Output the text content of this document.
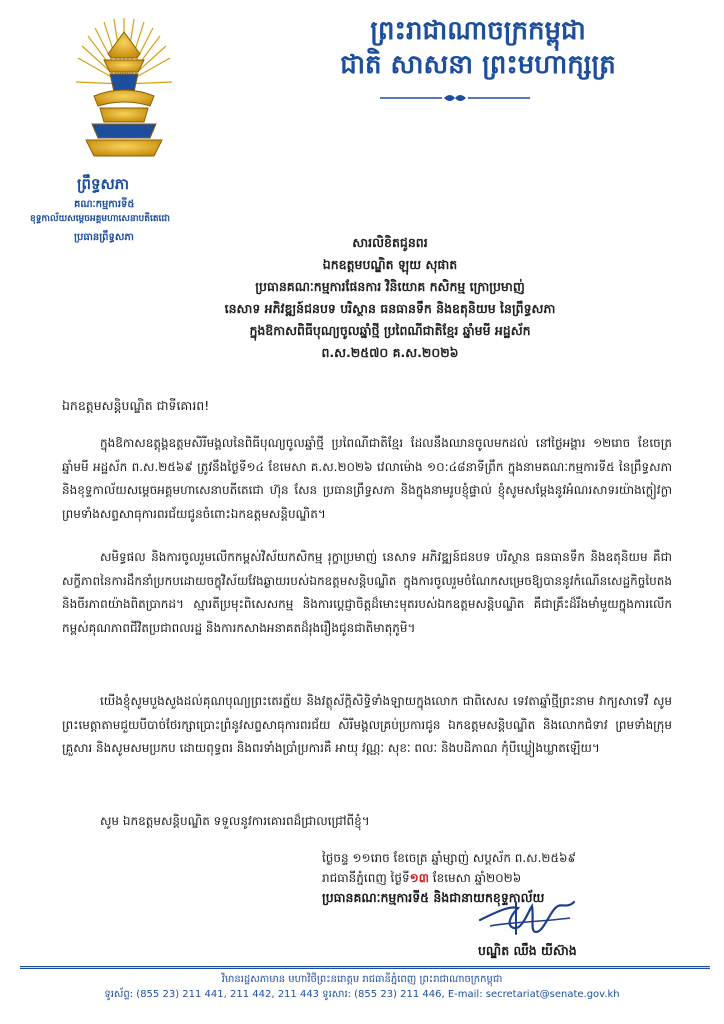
ព្រះរាជាណាចក្រកម្ពុជា
ជាតិ សាសនា ព្រះមហាក្សត្រ
ព្រឹទ្ធសភា
គណៈកម្មការទី៥
ខុទ្ទកាល័យសម្តេចអគ្គមហាសេនាបតីតេជោ
ប្រធានព្រឹទ្ធសភា	សារលិខិតជូនពរ
ឯកឧត្តមបណ្ឌិត ឡុយ សុផាត
ប្រធានគណៈកម្មការផែនការ វិនិយោគ កសិកម្ម ក្រោប្រមាញ់
នេសាទ អភិវឌ្ឍន៍ជនបទ បរិស្ថាន ធនធានទឹក និងឧតុនិយម នៃព្រឹទ្ធសភា
ក្នុងឱកាសពិធីបុណ្យចូលឆ្នាំថ្មី ប្រពៃណីជាតិខ្មែរ ឆ្នាំមមី អដ្ឋស័ក
ព.ស.២៥៧០ គ.ស.២០២៦
ឯកឧត្តមសន្តិបណ្ឌិត ជាទីគោរព!
ក្នុងឱកាសឧត្តុង្គឧត្តមសិរីមង្គលនៃពិធីបុណ្យចូលឆ្នាំថ្មី ប្រពៃណីជាតិខ្មែរ ដែលនឹងឈានចូលមកដល់ នៅថ្ងៃអង្គារ ១២រោច ខែចេត្រ ឆ្នាំមមី អដ្ឋស័ក ព.ស.២៥៦៩ ត្រូវនឹងថ្ងៃទី១៤ ខែមេសា គ.ស.២០២៦ វេលាម៉ោង ១០:៤៨នាទីព្រឹក ក្នុងនាមគណៈកម្មការទី៥ នៃព្រឹទ្ធសភា និងខុទ្ទកាល័យសម្តេចអគ្គមហាសេនាបតីតេជោ ហ៊ុន សែន ប្រធានព្រឹទ្ធសភា និងក្នុងនាមរូបខ្ញុំផ្ទាល់ ខ្ញុំសូមសម្តែងនូវអំណរសាទរយ៉ាងក្លៀវក្លា ព្រមទាំងសព្ទសាធុការពរជ័យជូនចំពោះឯកឧត្តមសន្តិបណ្ឌិត។
សមិទ្ធផល និងការចូលរួមលើកកម្ពស់វិស័យកសិកម្ម រុក្ខាប្រមាញ់ នេសាទ អភិវឌ្ឍន៍ជនបទ បរិស្ថាន ធនធានទឹក និងឧតុនិយម គឺជាសក្ខីភាពនៃការដឹកនាំប្រកបដោយចក្ខុវិស័យវែងឆ្ងាយរបស់ឯកឧត្តមសន្តិបណ្ឌិត ក្នុងការចូលរួមចំណែកសម្រេចឱ្យបាននូវកំណើនសេដ្ឋកិច្ចបៃតង និងចីរភាពយ៉ាងពិតប្រាកដ។ ស្មារតីប្រមុះពិសេសកម្ម និងការប្តេជ្ញាចិត្តដ៏មោះមុតរបស់ឯកឧត្តមសន្តិបណ្ឌិត គឺជាគ្រឹះដ៏រឹងមាំមួយក្នុងការលើកកម្ពស់គុណភាពជីវិតប្រជាពលរដ្ឋ និងការកសាងអនាគតដ៏រុងរឿងជូនជាតិមាតុភូមិ។
យើងខ្ញុំសូមបួងសួងដល់គុណបុណ្យព្រះតេរត្ន័យ និងវត្ថុស័ក្តិសិទ្ធិទាំងឡាយក្នុងលោក ជាពិសេស ទេវតាឆ្នាំថ្មីព្រះនាម វាក្យសាទេវី សូមព្រះមេត្តាតាមជួយបីបាច់ថែរក្សាប្រោះព្រំនូវសព្ទសាធុការពរជ័យ សិរីមង្គលគ្រប់ប្រការជូន ឯកឧត្តមសន្តិបណ្ឌិត និងលោកជំទាវ ព្រមទាំងក្រុមគ្រួសារ និងសូមសមប្រកប ដោយពុទ្ធពរ និងពរទាំងប្រាំប្រការគឺ អាយុ វណ្ណៈ សុខៈ ពលៈ និងបដិភាណ កុំបីឃ្លៀងឃ្លាតឡើយ។
សូម ឯកឧត្តមសន្តិបណ្ឌិត ទទួលនូវការគោរពដ៏ជ្រាលជ្រៅពីខ្ញុំ។
ថ្ងៃចន្ទ ១១រោច ខែចេត្រ ឆ្នាំម្សាញ់ សប្តស័ក ព.ស.២៥៦៩
រាជធានីភ្នំពេញ ថ្ងៃទី១៣ ខែមេសា ឆ្នាំ២០២៦
ប្រធានគណៈកម្មការទី៥ និងជានាយកខុទ្ទកាល័យ
បណ្ឌិត ឈឹង យីស៊ាង
វិមានរដ្ឋសភាមាន មហាវិថីព្រះនរោត្តម រាជធានីភ្នំពេញ ព្រះរាជាណាចក្រកម្ពុជា
ទូរស័ព្ទ: (855 23) 211 441, 211 442, 211 443 ទូរសារ: (855 23) 211 446, E-mail: secretariat@senate.gov.kh
